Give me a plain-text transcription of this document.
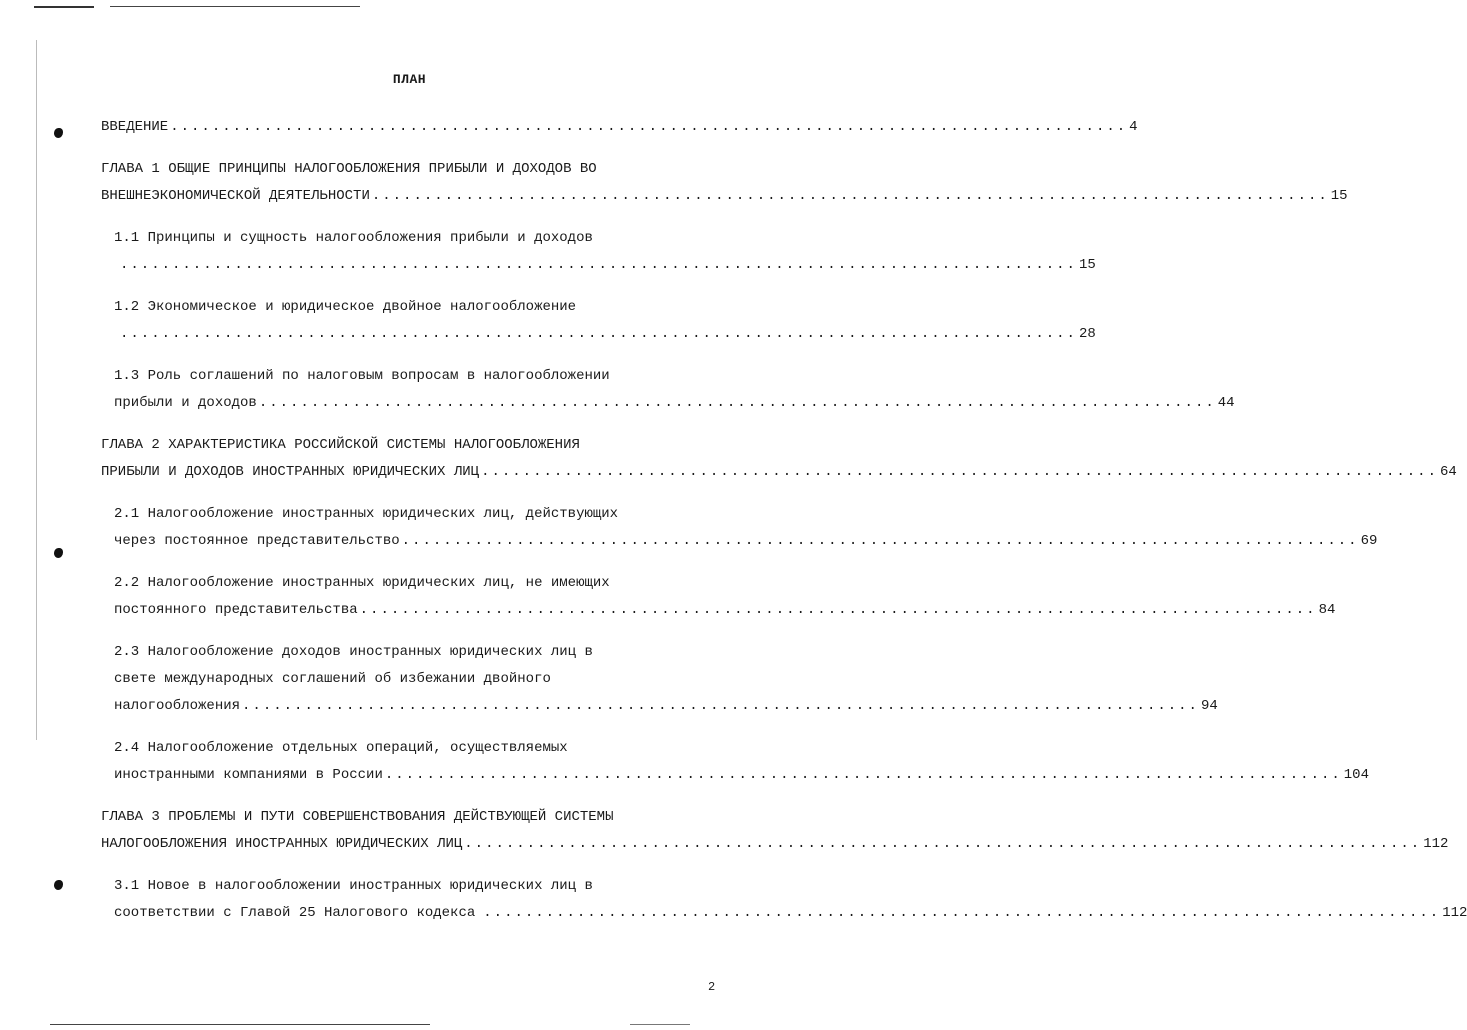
ПЛАН
ВВЕДЕНИЕ ............................................................................................ 4
ГЛАВА 1 ОБЩИЕ ПРИНЦИПЫ НАЛОГООБЛОЖЕНИЯ ПРИБЫЛИ И ДОХОДОВ ВО
ВНЕШНЕЭКОНОМИЧЕСКОЙ ДЕЯТЕЛЬНОСТИ ............................................................................................ 15
1.1 Принципы и сущность налогообложения прибыли и доходов
............................................................................................ 15
1.2 Экономическое и юридическое двойное налогообложение
............................................................................................ 28
1.3 Роль соглашений по налоговым вопросам в налогообложении
прибыли и доходов ............................................................................................ 44
ГЛАВА 2 ХАРАКТЕРИСТИКА РОССИЙСКОЙ СИСТЕМЫ НАЛОГООБЛОЖЕНИЯ
ПРИБЫЛИ И ДОХОДОВ ИНОСТРАННЫХ ЮРИДИЧЕСКИХ ЛИЦ ............................................................................................ 64
2.1 Налогообложение иностранных юридических лиц, действующих
через постоянное представительство ............................................................................................ 69
2.2 Налогообложение иностранных юридических лиц, не имеющих
постоянного представительства ............................................................................................ 84
2.3 Налогообложение доходов иностранных юридических лиц в
свете международных соглашений об избежании двойного
налогообложения ............................................................................................ 94
2.4 Налогообложение отдельных операций, осуществляемых
иностранными компаниями в России ............................................................................................ 104
ГЛАВА 3 ПРОБЛЕМЫ И ПУТИ СОВЕРШЕНСТВОВАНИЯ ДЕЙСТВУЮЩЕЙ СИСТЕМЫ
НАЛОГООБЛОЖЕНИЯ ИНОСТРАННЫХ ЮРИДИЧЕСКИХ ЛИЦ ............................................................................................ 112
3.1 Новое в налогообложении иностранных юридических лиц в
соответствии с Главой 25 Налогового кодекса ............................................................................................ 112
2
